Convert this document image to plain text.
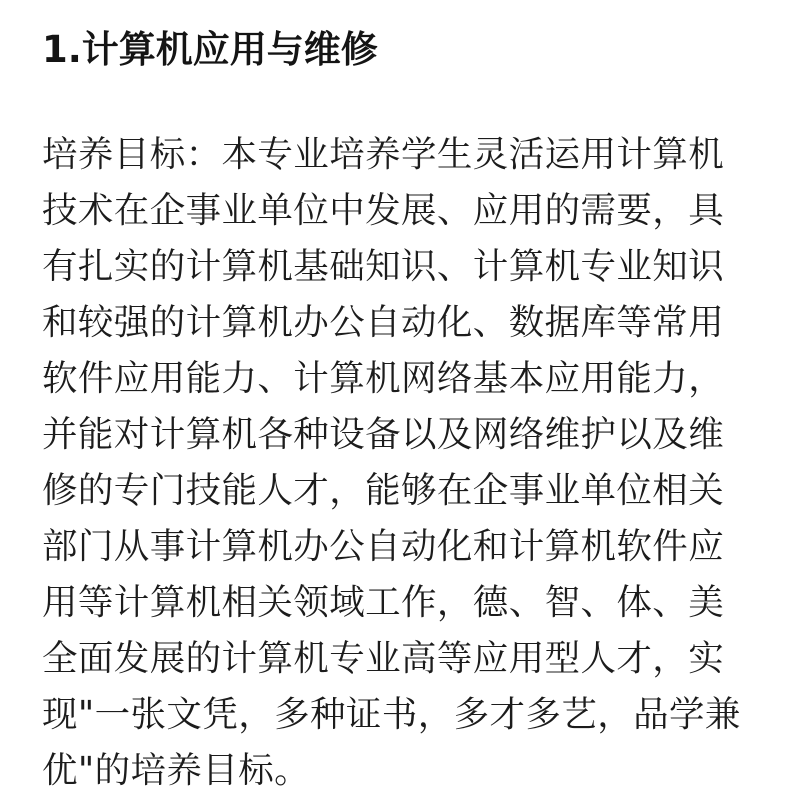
1.计算机应用与维修
培养目标：本专业培养学生灵活运用计算机
技术在企事业单位中发展、应用的需要，具
有扎实的计算机基础知识、计算机专业知识
和较强的计算机办公自动化、数据库等常用
软件应用能力、计算机网络基本应用能力，
并能对计算机各种设备以及网络维护以及维
修的专门技能人才，能够在企事业单位相关
部门从事计算机办公自动化和计算机软件应
用等计算机相关领域工作，德、智、体、美
全面发展的计算机专业高等应用型人才，实
现"一张文凭，多种证书，多才多艺，品学兼
优"的培养目标。
